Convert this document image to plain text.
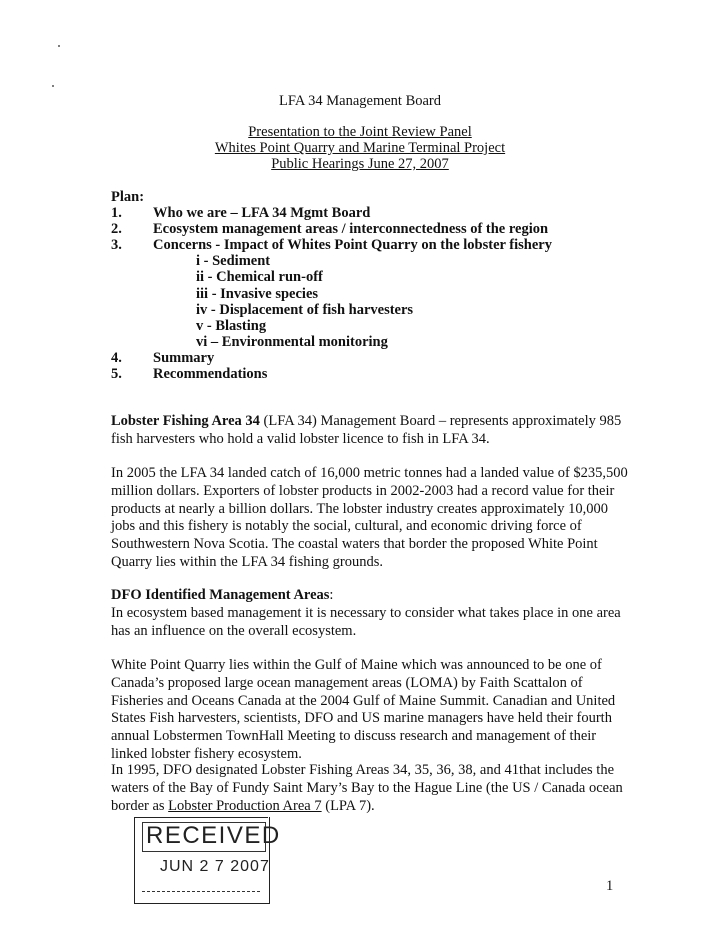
LFA 34 Management Board
Presentation to the Joint Review Panel
Whites Point Quarry and Marine Terminal Project
Public Hearings June 27, 2007
Plan:
1. Who we are – LFA 34 Mgmt Board
2. Ecosystem management areas / interconnectedness of the region
3. Concerns - Impact of Whites Point Quarry on the lobster fishery
i - Sediment
ii - Chemical run-off
iii - Invasive species
iv - Displacement of fish harvesters
v - Blasting
vi – Environmental monitoring
4. Summary
5. Recommendations
Lobster Fishing Area 34 (LFA 34) Management Board – represents approximately 985 fish harvesters who hold a valid lobster licence to fish in LFA 34.
In 2005 the LFA 34 landed catch of 16,000 metric tonnes had a landed value of $235,500 million dollars. Exporters of lobster products in 2002-2003 had a record value for their products at nearly a billion dollars. The lobster industry creates approximately 10,000 jobs and this fishery is notably the social, cultural, and economic driving force of Southwestern Nova Scotia. The coastal waters that border the proposed White Point Quarry lies within the LFA 34 fishing grounds.
DFO Identified Management Areas:
In ecosystem based management it is necessary to consider what takes place in one area has an influence on the overall ecosystem.
White Point Quarry lies within the Gulf of Maine which was announced to be one of Canada’s proposed large ocean management areas (LOMA) by Faith Scattalon of Fisheries and Oceans Canada at the 2004 Gulf of Maine Summit. Canadian and United States Fish harvesters, scientists, DFO and US marine managers have held their fourth annual Lobstermen TownHall Meeting to discuss research and management of their linked lobster fishery ecosystem.
In 1995, DFO designated Lobster Fishing Areas 34, 35, 36, 38, and 41that includes the waters of the Bay of Fundy Saint Mary’s Bay to the Hague Line (the US / Canada ocean border as Lobster Production Area 7 (LPA 7).
RECEIVED
JUN 2 7 2007
1
